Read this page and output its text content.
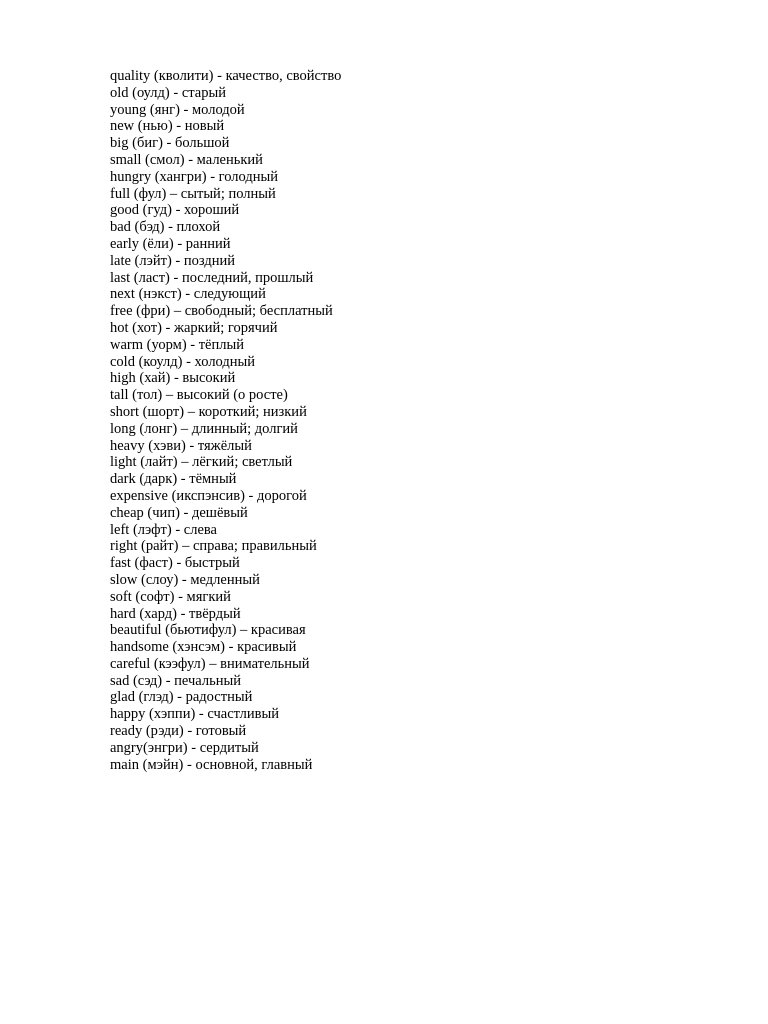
quality (кволити) - качество, свойство
old (оулд) - старый
young (янг) - молодой
new (нью) - новый
big (биг) - большой
small (смол) - маленький
hungry (хангри) - голодный
full (фул) – сытый; полный
good (гуд) - хороший
bad (бэд) - плохой
early (ёли) - ранний
late (лэйт) - поздний
last (ласт) - последний, прошлый
next (нэкст) - следующий
free (фри) – свободный; бесплатный
hot (хот) - жаркий; горячий
warm (уорм) - тёплый
cold (коулд) - холодный
high (хай) - высокий
tall (тол) – высокий (о росте)
short (шорт) – короткий; низкий
long (лонг) – длинный; долгий
heavy (хэви) - тяжёлый
light (лайт) – лёгкий; светлый
dark (дарк) - тёмный
expensive (икспэнсив) - дорогой
cheap (чип) - дешёвый
left (лэфт) - слева
right (райт) – справа; правильный
fast (фаст) - быстрый
slow (слоу) - медленный
soft (софт) - мягкий
hard (хард) - твёрдый
beautiful (бьютифул) – красивая
handsome (хэнсэм) - красивый
careful (кээфул) – внимательный
sad (сэд) - печальный
glad (глэд) - радостный
happy (хэппи) - счастливый
ready (рэди) - готовый
angry(энгри) - сердитый
main (мэйн) - основной, главный
